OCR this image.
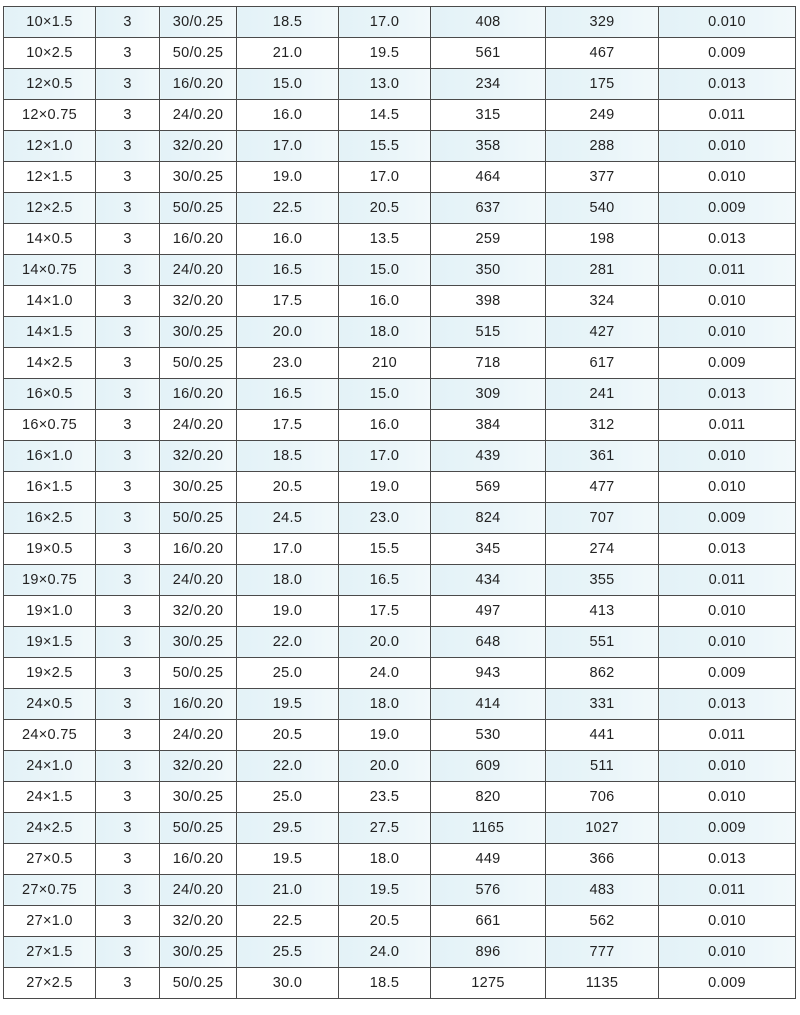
10×1.5	3	30/0.25	18.5	17.0	408	329	0.010
10×2.5	3	50/0.25	21.0	19.5	561	467	0.009
12×0.5	3	16/0.20	15.0	13.0	234	175	0.013
12×0.75	3	24/0.20	16.0	14.5	315	249	0.011
12×1.0	3	32/0.20	17.0	15.5	358	288	0.010
12×1.5	3	30/0.25	19.0	17.0	464	377	0.010
12×2.5	3	50/0.25	22.5	20.5	637	540	0.009
14×0.5	3	16/0.20	16.0	13.5	259	198	0.013
14×0.75	3	24/0.20	16.5	15.0	350	281	0.011
14×1.0	3	32/0.20	17.5	16.0	398	324	0.010
14×1.5	3	30/0.25	20.0	18.0	515	427	0.010
14×2.5	3	50/0.25	23.0	210	718	617	0.009
16×0.5	3	16/0.20	16.5	15.0	309	241	0.013
16×0.75	3	24/0.20	17.5	16.0	384	312	0.011
16×1.0	3	32/0.20	18.5	17.0	439	361	0.010
16×1.5	3	30/0.25	20.5	19.0	569	477	0.010
16×2.5	3	50/0.25	24.5	23.0	824	707	0.009
19×0.5	3	16/0.20	17.0	15.5	345	274	0.013
19×0.75	3	24/0.20	18.0	16.5	434	355	0.011
19×1.0	3	32/0.20	19.0	17.5	497	413	0.010
19×1.5	3	30/0.25	22.0	20.0	648	551	0.010
19×2.5	3	50/0.25	25.0	24.0	943	862	0.009
24×0.5	3	16/0.20	19.5	18.0	414	331	0.013
24×0.75	3	24/0.20	20.5	19.0	530	441	0.011
24×1.0	3	32/0.20	22.0	20.0	609	511	0.010
24×1.5	3	30/0.25	25.0	23.5	820	706	0.010
24×2.5	3	50/0.25	29.5	27.5	1165	1027	0.009
27×0.5	3	16/0.20	19.5	18.0	449	366	0.013
27×0.75	3	24/0.20	21.0	19.5	576	483	0.011
27×1.0	3	32/0.20	22.5	20.5	661	562	0.010
27×1.5	3	30/0.25	25.5	24.0	896	777	0.010
27×2.5	3	50/0.25	30.0	18.5	1275	1135	0.009
